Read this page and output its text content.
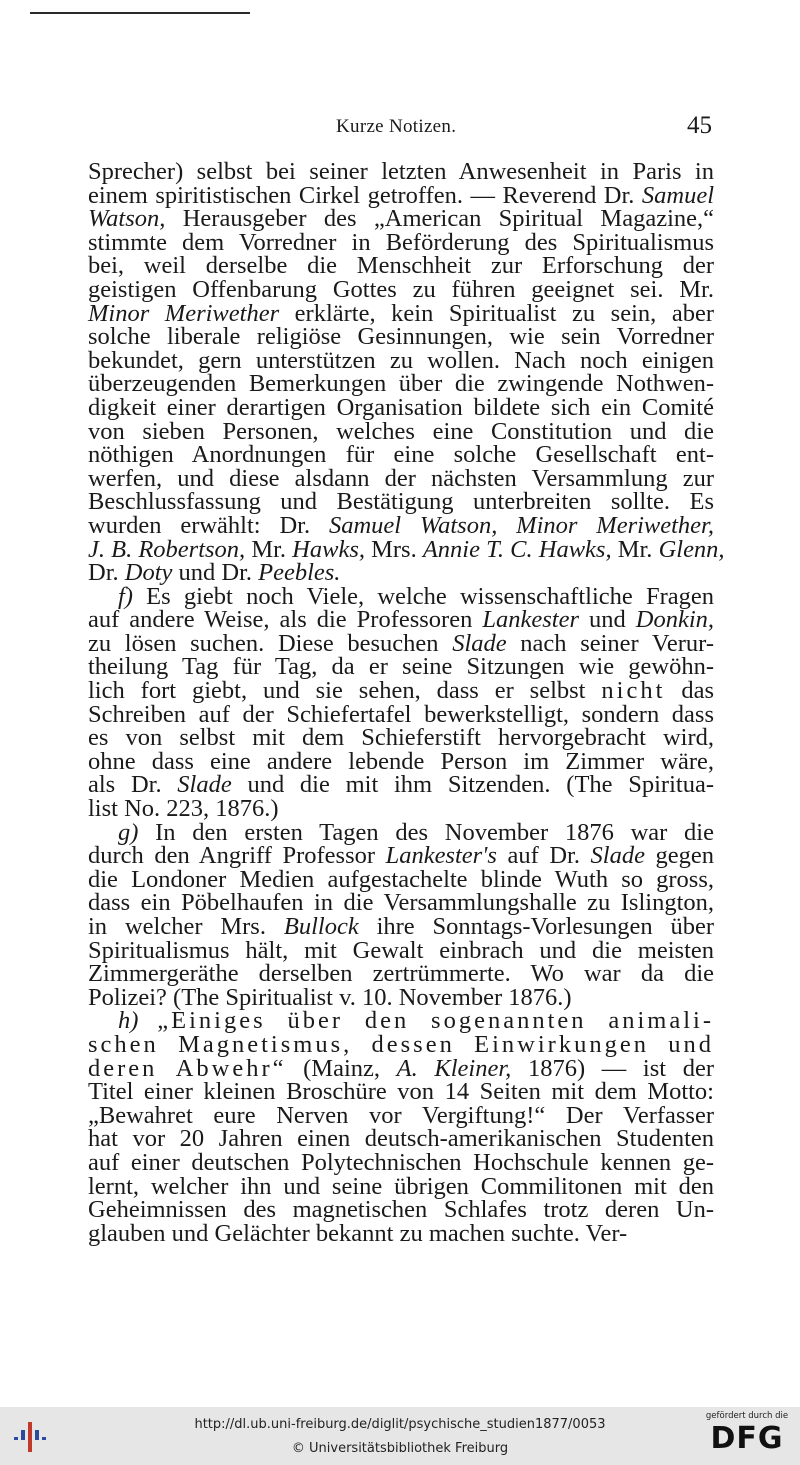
Kurze Notizen.	45
Sprecher) selbst bei seiner letzten Anwesenheit in Paris in
einem spiritistischen Cirkel getroffen. — Reverend Dr. Samuel
Watson, Herausgeber des „American Spiritual Magazine,“
stimmte dem Vorredner in Beförderung des Spiritualismus
bei, weil derselbe die Menschheit zur Erforschung der
geistigen Offenbarung Gottes zu führen geeignet sei. Mr.
Minor Meriwether erklärte, kein Spiritualist zu sein, aber
solche liberale religiöse Gesinnungen, wie sein Vorredner
bekundet, gern unterstützen zu wollen. Nach noch einigen
überzeugenden Bemerkungen über die zwingende Nothwen-
digkeit einer derartigen Organisation bildete sich ein Comité
von sieben Personen, welches eine Constitution und die
nöthigen Anordnungen für eine solche Gesellschaft ent-
werfen, und diese alsdann der nächsten Versammlung zur
Beschlussfassung und Bestätigung unterbreiten sollte. Es
wurden erwählt: Dr. Samuel Watson, Minor Meriwether,
J. B. Robertson, Mr. Hawks, Mrs. Annie T. C. Hawks, Mr. Glenn,
Dr. Doty und Dr. Peebles.
f) Es giebt noch Viele, welche wissenschaftliche Fragen
auf andere Weise, als die Professoren Lankester und Donkin,
zu lösen suchen. Diese besuchen Slade nach seiner Verur-
theilung Tag für Tag, da er seine Sitzungen wie gewöhn-
lich fort giebt, und sie sehen, dass er selbst nicht das
Schreiben auf der Schiefertafel bewerkstelligt, sondern dass
es von selbst mit dem Schieferstift hervorgebracht wird,
ohne dass eine andere lebende Person im Zimmer wäre,
als Dr. Slade und die mit ihm Sitzenden. (The Spiritua-
list No. 223, 1876.)
g) In den ersten Tagen des November 1876 war die
durch den Angriff Professor Lankester's auf Dr. Slade gegen
die Londoner Medien aufgestachelte blinde Wuth so gross,
dass ein Pöbelhaufen in die Versammlungshalle zu Islington,
in welcher Mrs. Bullock ihre Sonntags-Vorlesungen über
Spiritualismus hält, mit Gewalt einbrach und die meisten
Zimmergeräthe derselben zertrümmerte. Wo war da die
Polizei? (The Spiritualist v. 10. November 1876.)
h) „Einiges über den sogenannten animali-
schen Magnetismus, dessen Einwirkungen und
deren Abwehr“ (Mainz, A. Kleiner, 1876) — ist der
Titel einer kleinen Broschüre von 14 Seiten mit dem Motto:
„Bewahret eure Nerven vor Vergiftung!“ Der Verfasser
hat vor 20 Jahren einen deutsch-amerikanischen Studenten
auf einer deutschen Polytechnischen Hochschule kennen ge-
lernt, welcher ihn und seine übrigen Commilitonen mit den
Geheimnissen des magnetischen Schlafes trotz deren Un-
glauben und Gelächter bekannt zu machen suchte. Ver-
http://dl.ub.uni-freiburg.de/diglit/psychische_studien1877/0053
© Universitätsbibliothek Freiburg
gefördert durch die
DFG
